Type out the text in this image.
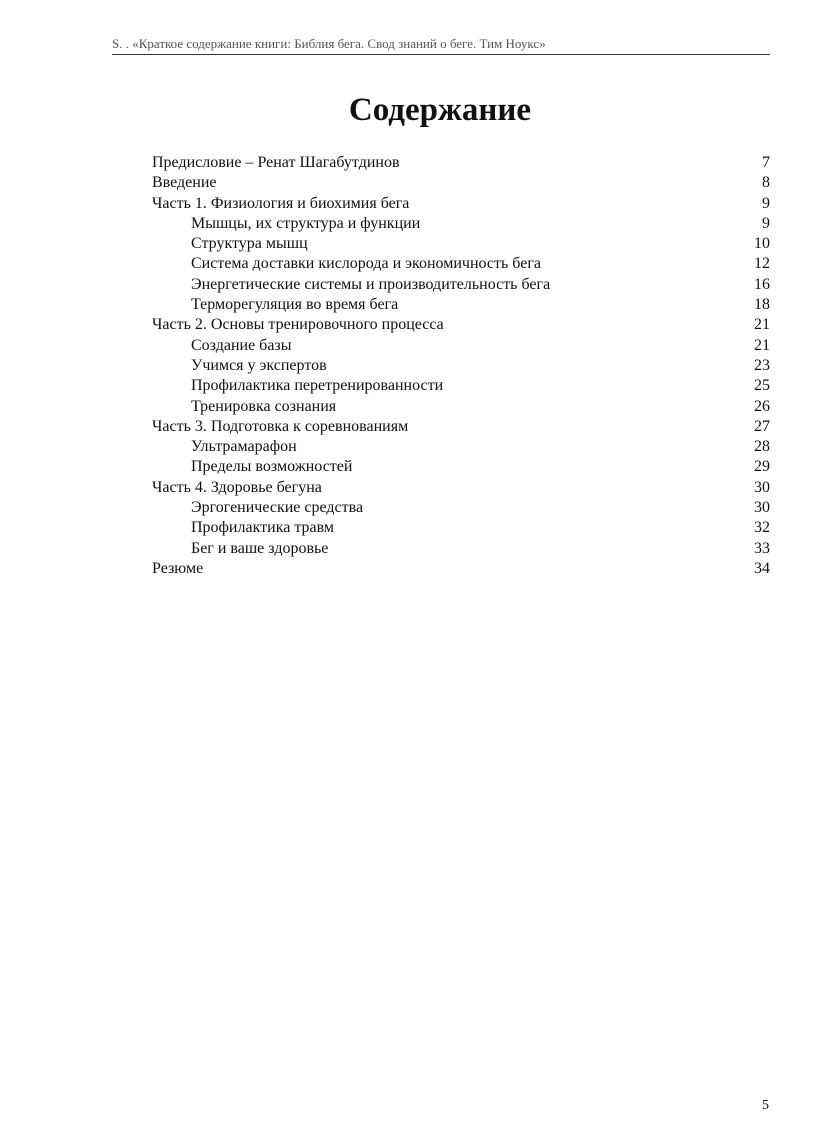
S. . «Краткое содержание книги: Библия бега. Свод знаний о беге. Тим Ноукс»
Содержание
Предисловие – Ренат Шагабутдинов	7
Введение	8
Часть 1. Физиология и биохимия бега	9
Мышцы, их структура и функции	9
Структура мышц	10
Система доставки кислорода и экономичность бега	12
Энергетические системы и производительность бега	16
Терморегуляция во время бега	18
Часть 2. Основы тренировочного процесса	21
Создание базы	21
Учимся у экспертов	23
Профилактика перетренированности	25
Тренировка сознания	26
Часть 3. Подготовка к соревнованиям	27
Ультрамарафон	28
Пределы возможностей	29
Часть 4. Здоровье бегуна	30
Эргогенические средства	30
Профилактика травм	32
Бег и ваше здоровье	33
Резюме	34
5
